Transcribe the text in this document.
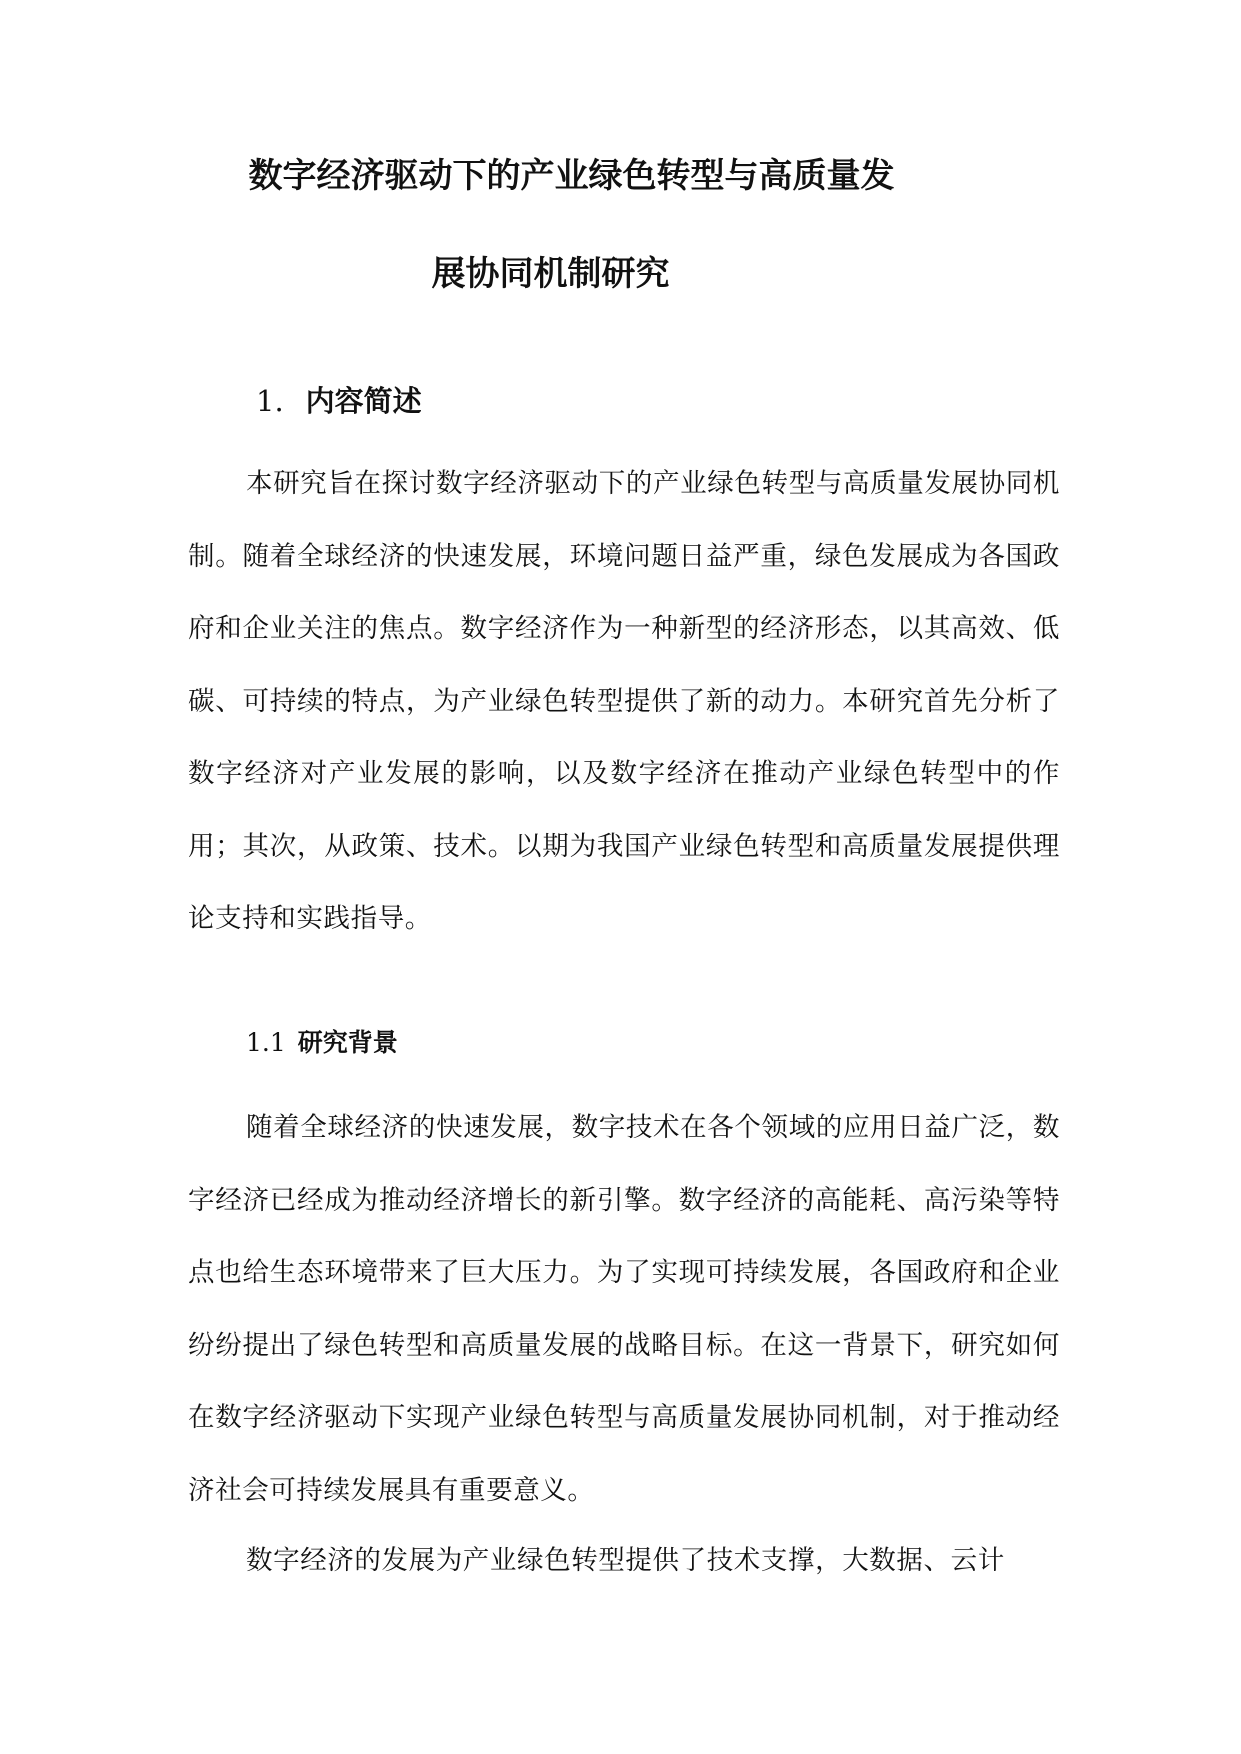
数字经济驱动下的产业绿色转型与高质量发
展协同机制研究
1. 内容简述

本研究旨在探讨数字经济驱动下的产业绿色转型与高质量发展协同机制。随着全球经济的快速发展，环境问题日益严重，绿色发展成为各国政府和企业关注的焦点。数字经济作为一种新型的经济形态，以其高效、低碳、可持续的特点，为产业绿色转型提供了新的动力。本研究首先分析了数字经济对产业发展的影响，以及数字经济在推动产业绿色转型中的作用；其次，从政策、技术。以期为我国产业绿色转型和高质量发展提供理论支持和实践指导。

1.1 研究背景

随着全球经济的快速发展，数字技术在各个领域的应用日益广泛，数字经济已经成为推动经济增长的新引擎。数字经济的高能耗、高污染等特点也给生态环境带来了巨大压力。为了实现可持续发展，各国政府和企业纷纷提出了绿色转型和高质量发展的战略目标。在这一背景下，研究如何在数字经济驱动下实现产业绿色转型与高质量发展协同机制，对于推动经济社会可持续发展具有重要意义。

数字经济的发展为产业绿色转型提供了技术支撑，大数据、云计
